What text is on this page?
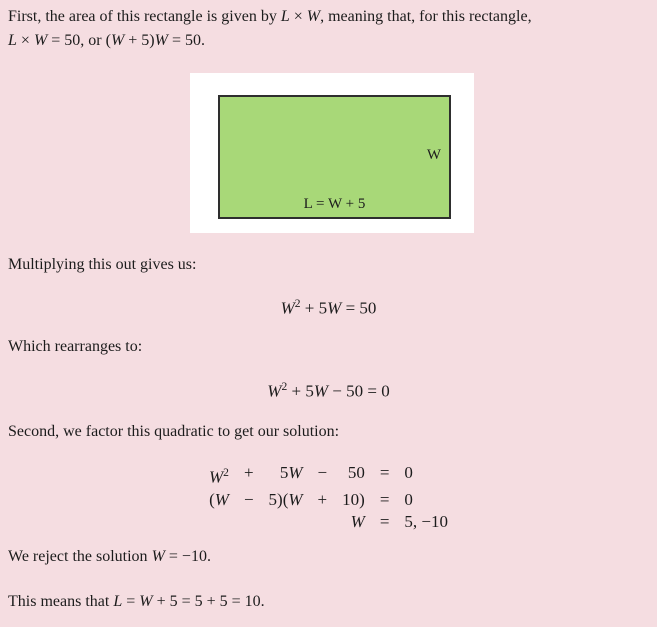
First, the area of this rectangle is given by L × W, meaning that, for this rectangle,
L × W = 50, or (W + 5)W = 50.
W
L = W + 5
Multiplying this out gives us:
$W^2 + 5W = 50$
Which rearranges to:
$W^2 + 5W - 50 = 0$
Second, we factor this quadratic to get our solution:
$W^2$ +	5W −	50 = 0
(W − 5)(W + 10) = 0
W = 5, −10
We reject the solution W = −10.
This means that L = W + 5 = 5 + 5 = 10.
